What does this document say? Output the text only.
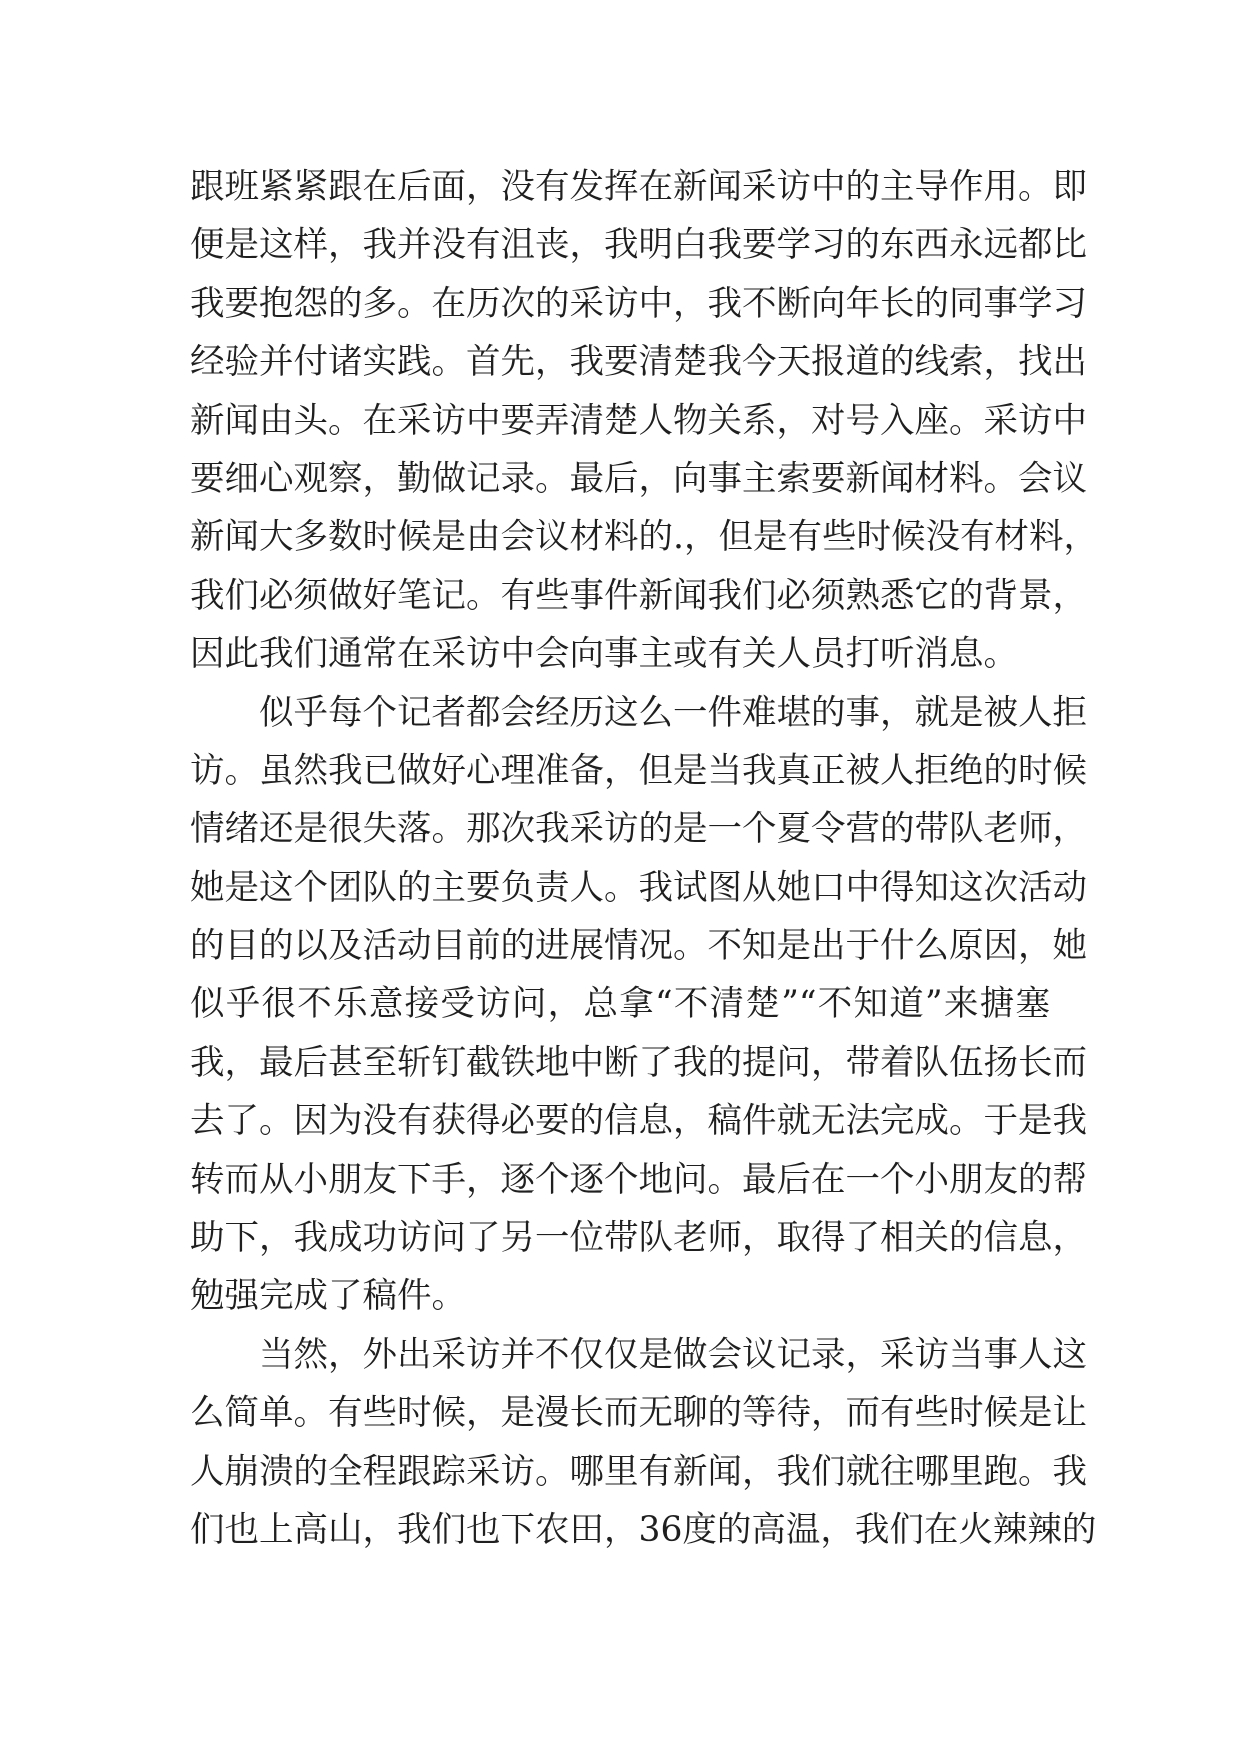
跟班紧紧跟在后面，没有发挥在新闻采访中的主导作用。即
便是这样，我并没有沮丧，我明白我要学习的东西永远都比
我要抱怨的多。在历次的采访中，我不断向年长的同事学习
经验并付诸实践。首先，我要清楚我今天报道的线索，找出
新闻由头。在采访中要弄清楚人物关系，对号入座。采访中
要细心观察，勤做记录。最后，向事主索要新闻材料。会议
新闻大多数时候是由会议材料的.，但是有些时候没有材料，
我们必须做好笔记。有些事件新闻我们必须熟悉它的背景，
因此我们通常在采访中会向事主或有关人员打听消息。
似乎每个记者都会经历这么一件难堪的事，就是被人拒
访。虽然我已做好心理准备，但是当我真正被人拒绝的时候
情绪还是很失落。那次我采访的是一个夏令营的带队老师，
她是这个团队的主要负责人。我试图从她口中得知这次活动
的目的以及活动目前的进展情况。不知是出于什么原因，她
似乎很不乐意接受访问，总拿“不清楚”“不知道”来搪塞
我，最后甚至斩钉截铁地中断了我的提问，带着队伍扬长而
去了。因为没有获得必要的信息，稿件就无法完成。于是我
转而从小朋友下手，逐个逐个地问。最后在一个小朋友的帮
助下，我成功访问了另一位带队老师，取得了相关的信息，
勉强完成了稿件。
当然，外出采访并不仅仅是做会议记录，采访当事人这
么简单。有些时候，是漫长而无聊的等待，而有些时候是让
人崩溃的全程跟踪采访。哪里有新闻，我们就往哪里跑。我
们也上高山，我们也下农田，36度的高温，我们在火辣辣的
